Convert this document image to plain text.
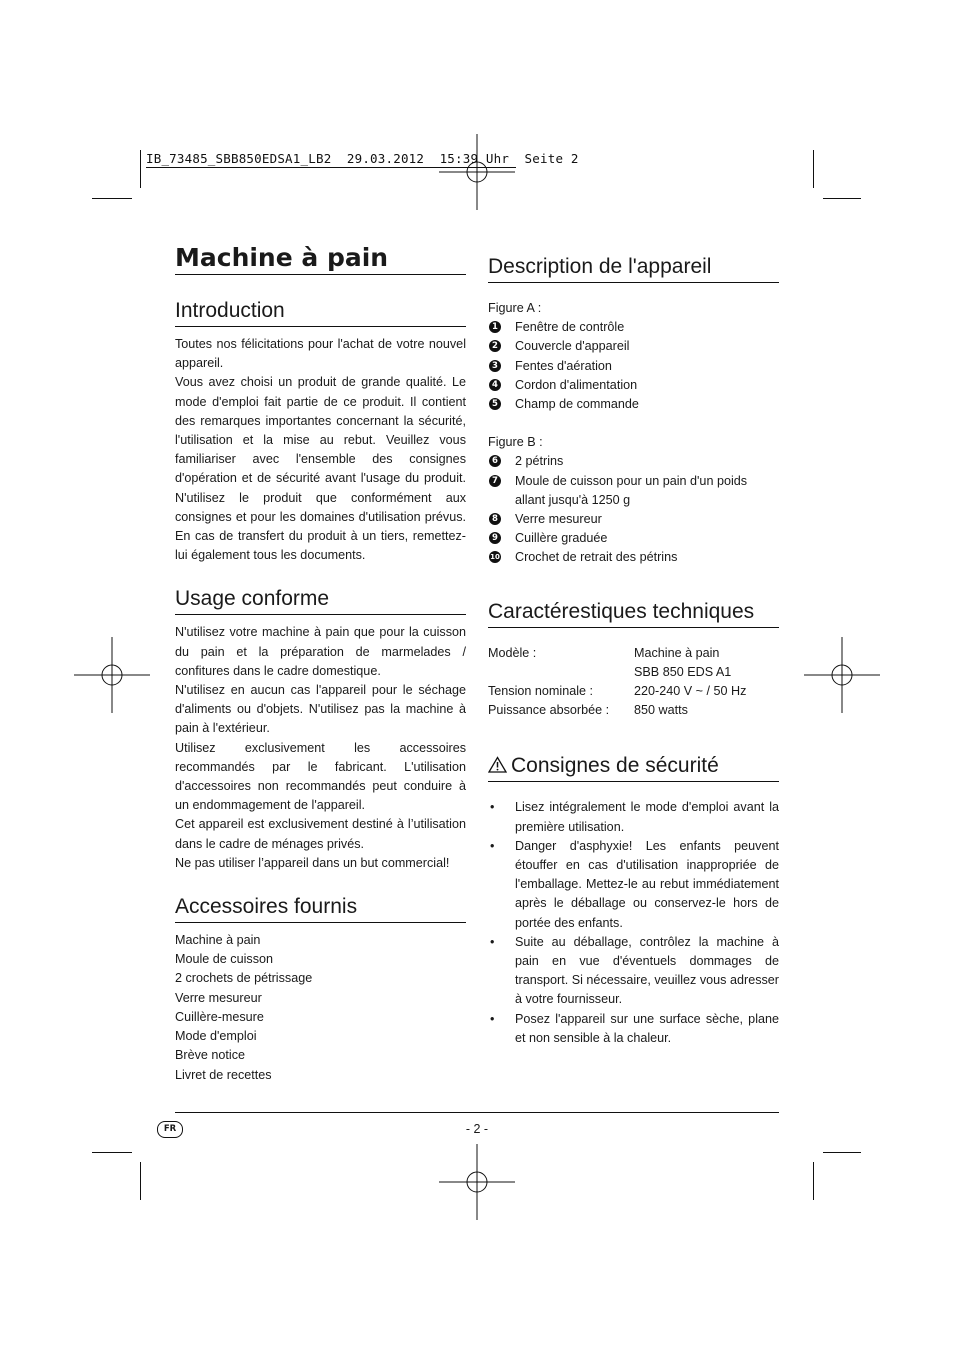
IB_73485_SBB850EDSA1_LB2  29.03.2012  15:39 Uhr  Seite 2
Machine à pain
Introduction

Toutes nos félicitations pour l'achat de votre nouvel appareil.

Vous avez choisi un produit de grande qualité. Le mode d'emploi fait partie de ce produit. Il contient des remarques importantes concernant la sécurité, l'utilisation et la mise au rebut. Veuillez vous familiariser avec l'ensemble des consignes d'opération et de sécurité avant l'usage du produit. N'utilisez le produit que conformément aux consignes et pour les domaines d'utilisation prévus. En cas de transfert du produit à un tiers, remettez-lui également tous les documents.

Usage conforme

N'utilisez votre machine à pain que pour la cuisson du pain et la préparation de marmelades / confitures dans le cadre domestique.

N'utilisez en aucun cas l'appareil pour le séchage d'aliments ou d'objets. N'utilisez pas la machine à pain à l'extérieur.

Utilisez exclusivement les accessoires recommandés par le fabricant. L'utilisation d'accessoires non recommandés peut conduire à un endommagement de l'appareil.

Cet appareil est exclusivement destiné à l’utilisation dans le cadre de ménages privés.

Ne pas utiliser l’appareil dans un but commercial!

Accessoires fournis
Machine à pain
Moule de cuisson
2 crochets de pétrissage
Verre mesureur
Cuillère-mesure
Mode d'emploi
Brève notice
Livret de recettes
Description de l'appareil
Figure A :
1 Fenêtre de contrôle
2 Couvercle d'appareil
3 Fentes d'aération
4 Cordon d'alimentation
5 Champ de commande
Figure B :
6 2 pétrins
7 Moule de cuisson pour un pain d'un poids allant jusqu'à 1250 g
8 Verre mesureur
9 Cuillère graduée
10 Crochet de retrait des pétrins
Caractérestiques techniques
Modèle :	Machine à pain
SBB 850 EDS A1
Tension nominale :	220-240 V ~ / 50 Hz
Puissance absorbée :	850 watts
Consignes de sécurité
• Lisez intégralement le mode d'emploi avant la première utilisation.
• Danger d'asphyxie! Les enfants peuvent étouffer en cas d'utilisation inappropriée de l'emballage. Mettez-le au rebut immédiatement après le déballage ou conservez-le hors de portée des enfants.
• Suite au déballage, contrôlez la machine à pain en vue d'éventuels dommages de transport. Si nécessaire, veuillez vous adresser à votre fournisseur.
• Posez l'appareil sur une surface sèche, plane et non sensible à la chaleur.
FR	- 2 -
